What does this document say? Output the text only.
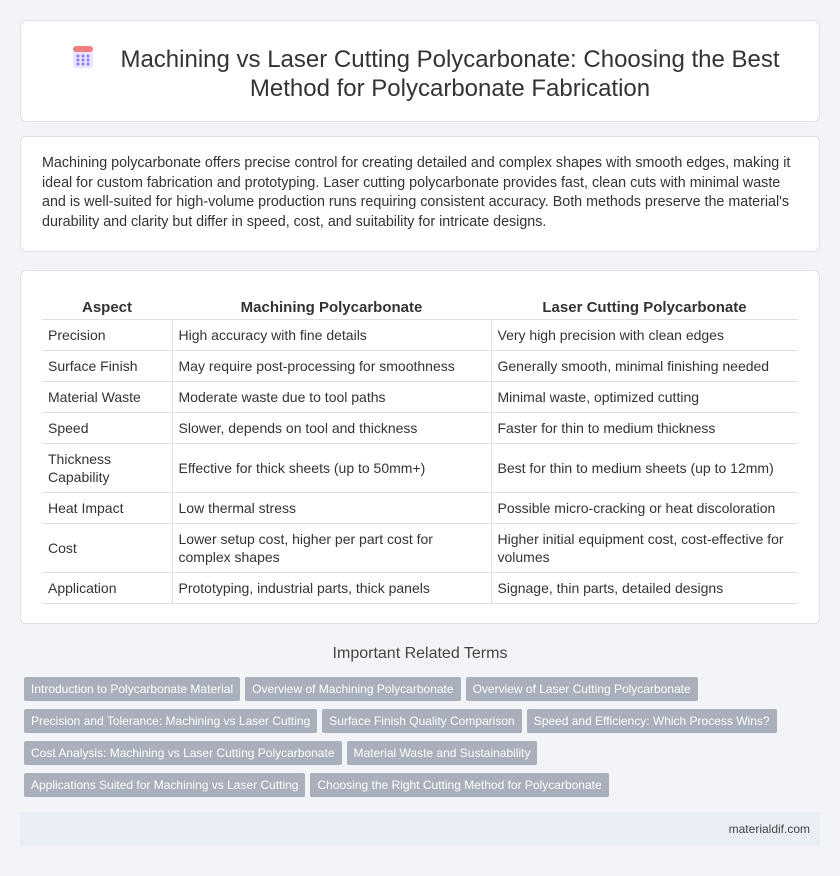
Machining vs Laser Cutting Polycarbonate: Choosing the Best Method for Polycarbonate Fabrication

Machining polycarbonate offers precise control for creating detailed and complex shapes with smooth edges, making it ideal for custom fabrication and prototyping. Laser cutting polycarbonate provides fast, clean cuts with minimal waste and is well-suited for high-volume production runs requiring consistent accuracy. Both methods preserve the material's durability and clarity but differ in speed, cost, and suitability for intricate designs.

Aspect	Machining Polycarbonate	Laser Cutting Polycarbonate
Precision	High accuracy with fine details	Very high precision with clean edges
Surface Finish	May require post-processing for smoothness	Generally smooth, minimal finishing needed
Material Waste	Moderate waste due to tool paths	Minimal waste, optimized cutting
Speed	Slower, depends on tool and thickness	Faster for thin to medium thickness
Thickness Capability	Effective for thick sheets (up to 50mm+)	Best for thin to medium sheets (up to 12mm)
Heat Impact	Low thermal stress	Possible micro-cracking or heat discoloration
Cost	Lower setup cost, higher per part cost for complex shapes	Higher initial equipment cost, cost-effective for volumes
Application	Prototyping, industrial parts, thick panels	Signage, thin parts, detailed designs
Important Related Terms
Introduction to Polycarbonate Material Overview of Machining Polycarbonate Overview of Laser Cutting Polycarbonate
Precision and Tolerance: Machining vs Laser Cutting Surface Finish Quality Comparison Speed and Efficiency: Which Process Wins?
Cost Analysis: Machining vs Laser Cutting Polycarbonate Material Waste and Sustainability
Applications Suited for Machining vs Laser Cutting Choosing the Right Cutting Method for Polycarbonate
materialdif.com
